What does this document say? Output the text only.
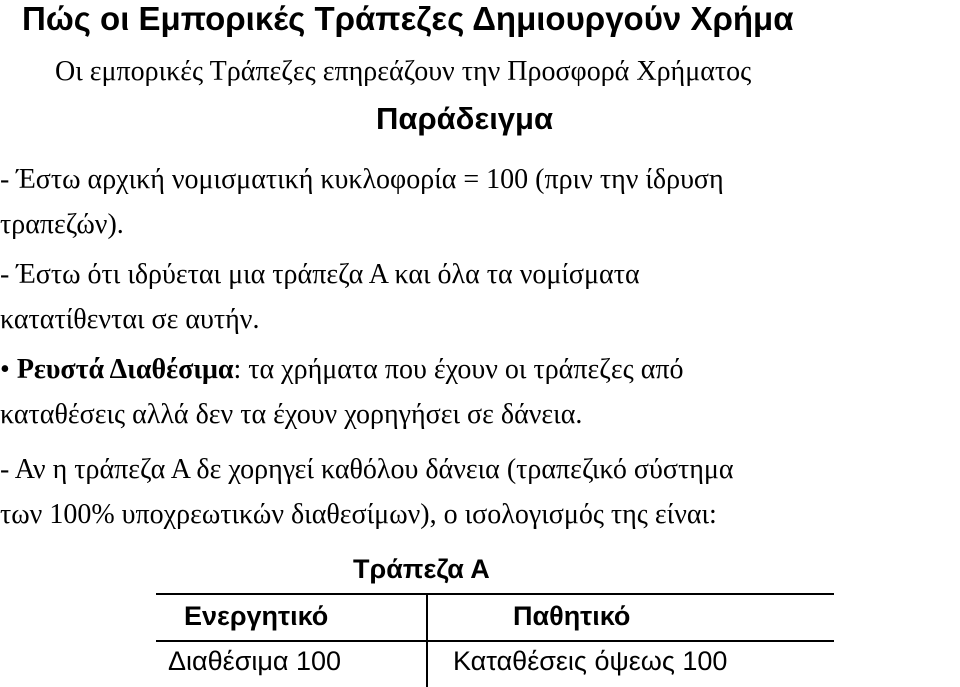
Πώς οι Εμπορικές Τράπεζες Δημιουργούν Χρήμα
Οι εμπορικές Τράπεζες επηρεάζουν την Προσφορά Χρήματος
Παράδειγμα
- Έστω αρχική νομισματική κυκλοφορία = 100 (πριν την ίδρυση
τραπεζών).
- Έστω ότι ιδρύεται μια τράπεζα Α και όλα τα νομίσματα
κατατίθενται σε αυτήν.
• Ρευστά Διαθέσιμα: τα χρήματα που έχουν οι τράπεζες από
καταθέσεις αλλά δεν τα έχουν χορηγήσει σε δάνεια.
- Αν η τράπεζα Α δε χορηγεί καθόλου δάνεια (τραπεζικό σύστημα
των 100% υποχρεωτικών διαθεσίμων), ο ισολογισμός της είναι:
Τράπεζα Α
Ενεργητικό	Παθητικό
Διαθέσιμα 100	Καταθέσεις όψεως 100
